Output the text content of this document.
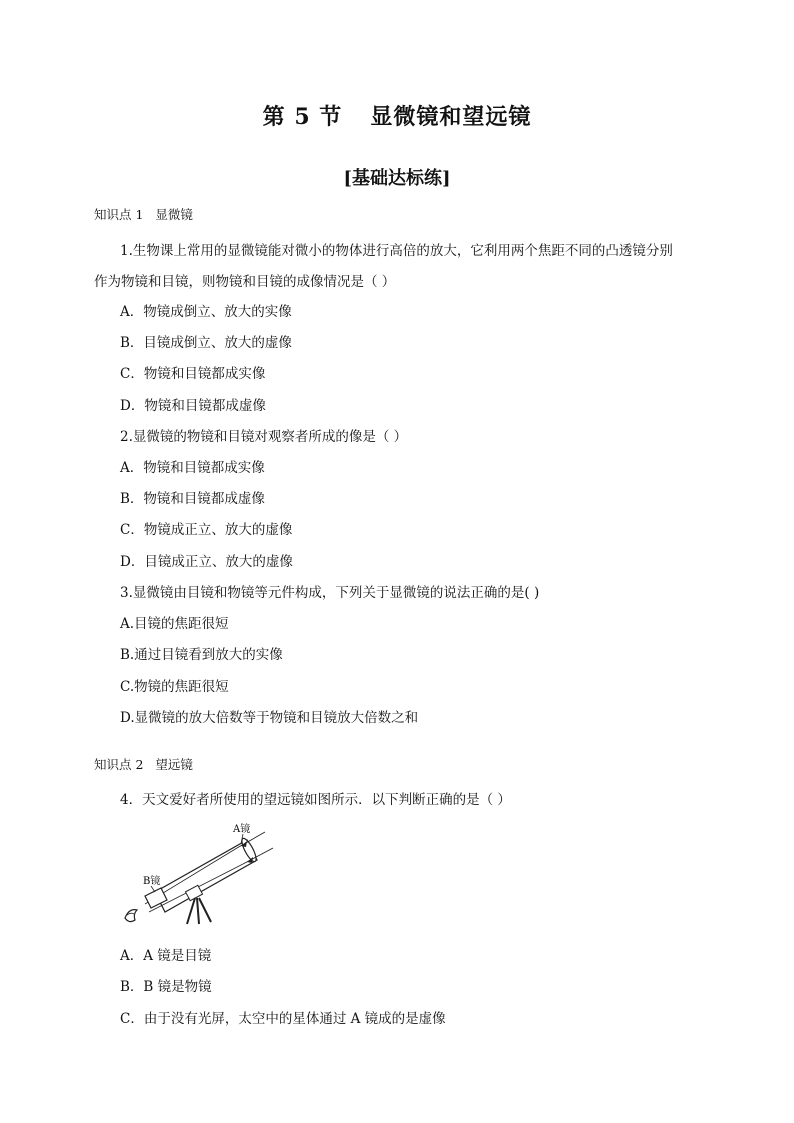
第 5 节 显微镜和望远镜
[基础达标练]
知识点 1 显微镜
1.生物课上常用的显微镜能对微小的物体进行高倍的放大，它利用两个焦距不同的凸透镜分别
作为物镜和目镜，则物镜和目镜的成像情况是（ ）
A．物镜成倒立、放大的实像
B．目镜成倒立、放大的虚像
C．物镜和目镜都成实像
D．物镜和目镜都成虚像
2.显微镜的物镜和目镜对观察者所成的像是（ ）
A．物镜和目镜都成实像
B．物镜和目镜都成虚像
C．物镜成正立、放大的虚像
D．目镜成正立、放大的虚像
3.显微镜由目镜和物镜等元件构成，下列关于显微镜的说法正确的是( )
A.目镜的焦距很短
B.通过目镜看到放大的实像
C.物镜的焦距很短
D.显微镜的放大倍数等于物镜和目镜放大倍数之和
知识点 2 望远镜
4．天文爱好者所使用的望远镜如图所示．以下判断正确的是（ ）
A镜
B镜
A．A 镜是目镜
B．B 镜是物镜
C．由于没有光屏，太空中的星体通过 A 镜成的是虚像
